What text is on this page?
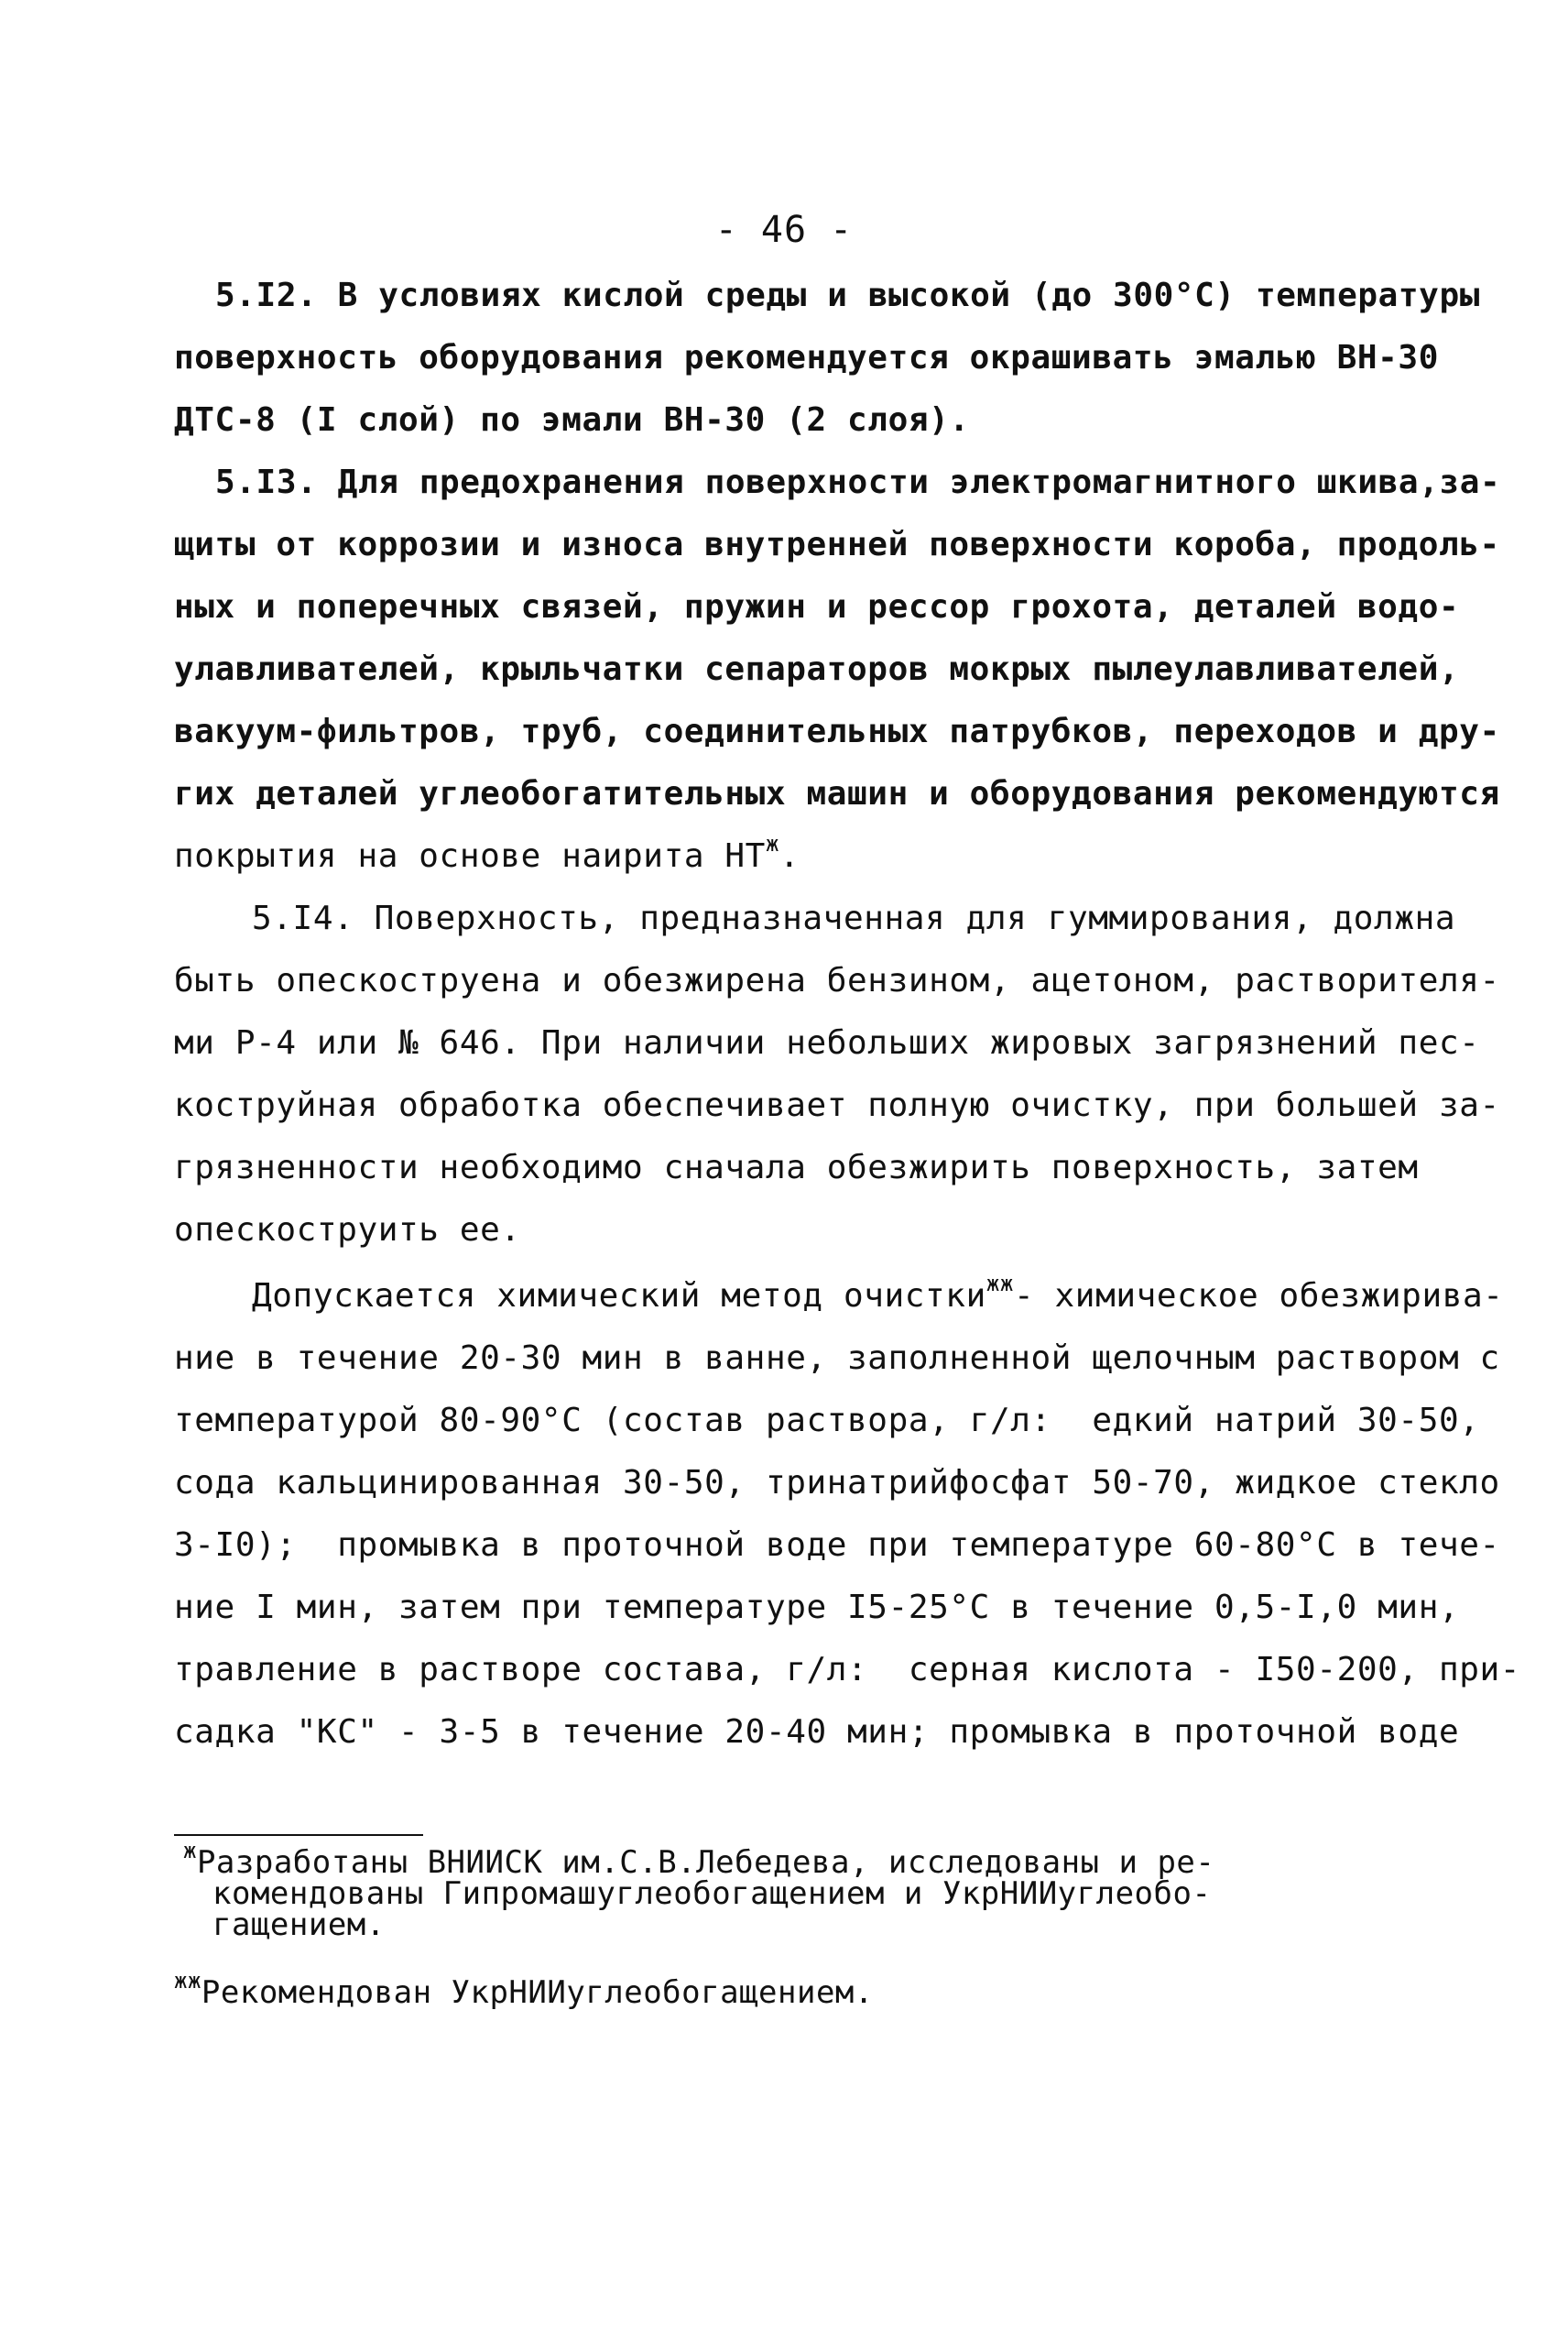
- 46 -
5.I2. В условиях кислой среды и высокой (до 300°C) температуры
поверхность оборудования рекомендуется окрашивать эмалью ВН-30
ДТС-8 (I слой) по эмали ВН-30 (2 слоя).
5.I3. Для предохранения поверхности электромагнитного шкива,за-
щиты от коррозии и износа внутренней поверхности короба, продоль-
ных и поперечных связей, пружин и рессор грохота, деталей водо-
улавливателей, крыльчатки сепараторов мокрых пылеулавливателей,
вакуум-фильтров, труб, соединительных патрубков, переходов и дру-
гих деталей углеобогатительных машин и оборудования рекомендуются
покрытия на основе наирита $НТ^ж$.
5.I4. Поверхность, предназначенная для гуммирования, должна
быть опескоструена и обезжирена бензином, ацетоном, растворителя-
ми Р-4 или № 646. При наличии небольших жировых загрязнений пес-
коструйная обработка обеспечивает полную очистку, при большей за-
грязненности необходимо сначала обезжирить поверхность, затем
опескоструить ее.
Допускается химический метод очистки$^{жж}$- химическое обезжирива-
ние в течение 20-30 мин в ванне, заполненной щелочным раствором с
температурой 80-90°С (состав раствора, г/л:  едкий натрий 30-50,
сода кальцинированная 30-50, тринатрийфосфат 50-70, жидкое стекло
3-I0);  промывка в проточной воде при температуре 60-80°С в тече-
ние I мин, затем при температуре I5-25°С в течение 0,5-I,0 мин,
травление в растворе состава, г/л:  серная кислота - I50-200, при-
садка "КС" - 3-5 в течение 20-40 мин; промывка в проточной воде
$^ж$Разработаны ВНИИСК им.С.В.Лебедева, исследованы и ре-
комендованы Гипромашуглеобогащением и УкрНИИуглеобо-
гащением.
$^{жж}$Рекомендован УкрНИИуглеобогащением.
